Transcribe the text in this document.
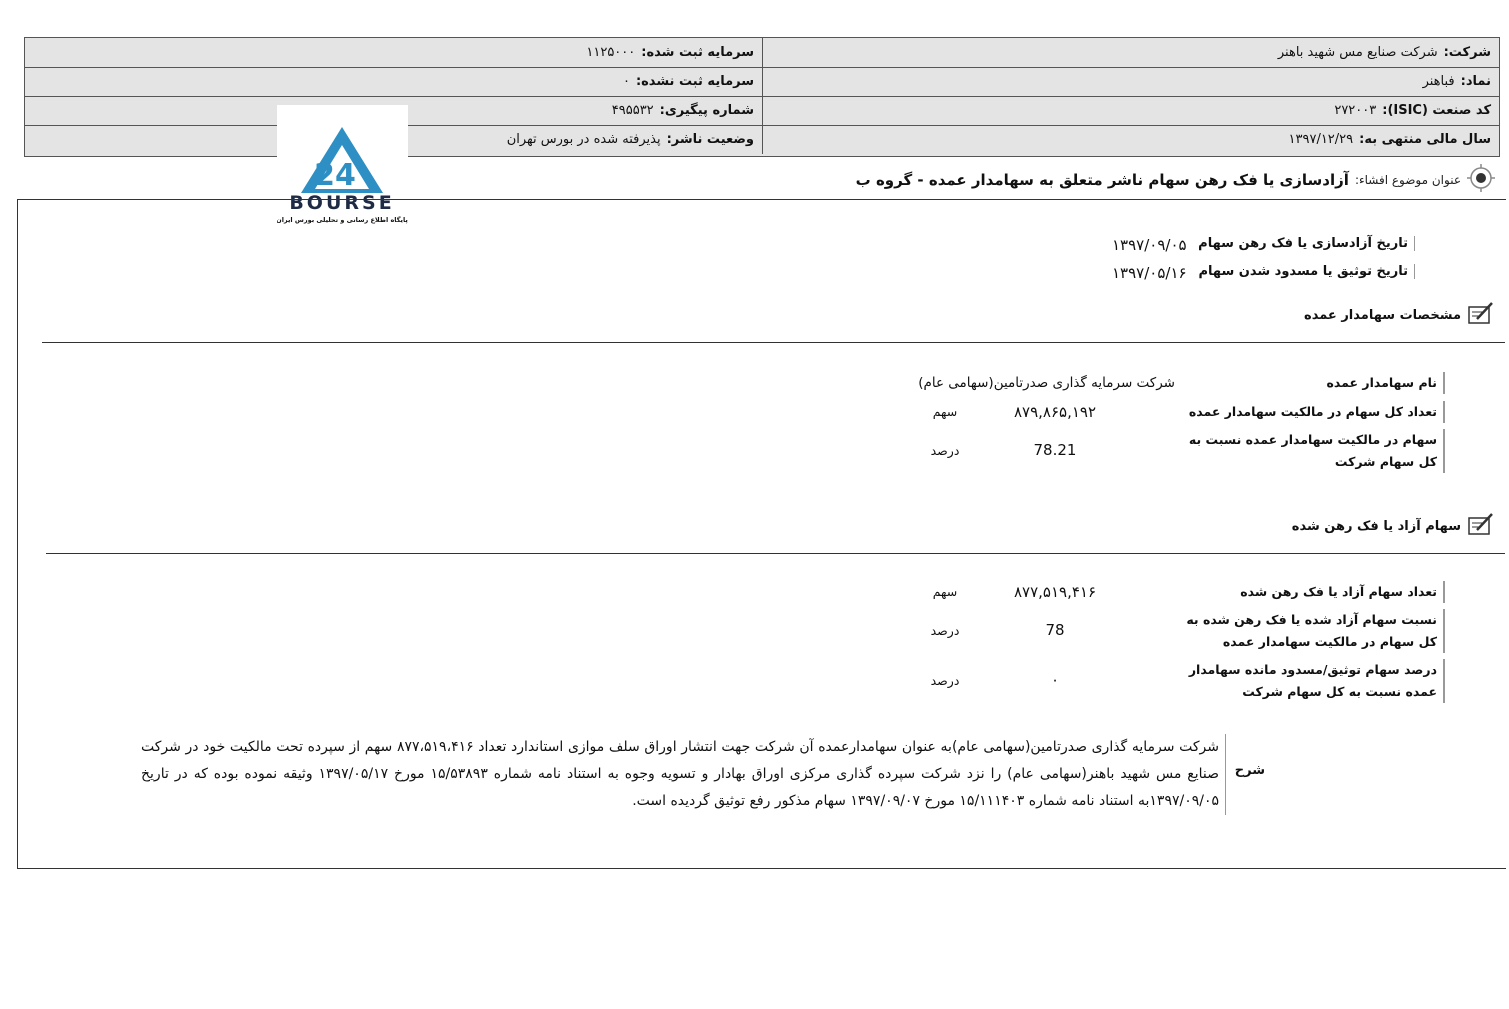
شرکت:
شرکت صنایع مس شهید باهنر
سرمایه ثبت شده:
۱۱۲۵۰۰۰
نماد:
فباهنر
سرمایه ثبت نشده:
۰
کد صنعت (ISIC):
۲۷۲۰۰۳
شماره پیگیری:
۴۹۵۵۳۲
سال مالی منتهی به:
۱۳۹۷/۱۲/۲۹
وضعیت ناشر:
پذیرفته شده در بورس تهران
24
BOURSE
پایگاه اطلاع رسانی و تحلیلی بورس ایران
عنوان موضوع افشاء:
آزادسازی یا فک رهن سهام ناشر متعلق به سهامدار عمده - گروه ب
تاریخ آزادسازی یا فک رهن سهام
۱۳۹۷/۰۹/۰۵
تاریخ توثیق یا مسدود شدن سهام
۱۳۹۷/۰۵/۱۶
مشخصات سهامدار عمده
نام سهامدار عمده
شرکت سرمایه گذاری صدرتامین(سهامی عام)
تعداد کل سهام در مالکیت سهامدار عمده
۸۷۹,۸۶۵,۱۹۲
سهم
سهام در مالکیت سهامدار عمده نسبت به کل سهام شرکت
78.21
درصد
سهام آزاد یا فک رهن شده
تعداد سهام آزاد یا فک رهن شده
۸۷۷,۵۱۹,۴۱۶
سهم
نسبت سهام آزاد شده یا فک رهن شده به کل سهام در مالکیت سهامدار عمده
78
درصد
درصد سهام توثیق/مسدود مانده سهامدار عمده نسبت به کل سهام شرکت
۰
درصد
شرح
شرکت سرمایه گذاری صدرتامین(سهامی عام)به عنوان سهامدارعمده آن شرکت جهت انتشار اوراق سلف موازی استاندارد تعداد ۸۷۷،۵۱۹،۴۱۶ سهم از سپرده تحت مالکیت خود در شرکت صنایع مس شهید باهنر(سهامی عام) را نزد شرکت سپرده گذاری مرکزی اوراق بهادار و تسویه وجوه به استناد نامه شماره ۱۵/۵۳۸۹۳ مورخ ۱۳۹۷/۰۵/۱۷ وثیقه نموده بوده که در تاریخ ۱۳۹۷/۰۹/۰۵به استناد نامه شماره ۱۵/۱۱۱۴۰۳ مورخ ۱۳۹۷/۰۹/۰۷ سهام مذکور رفع توثیق گردیده است.
